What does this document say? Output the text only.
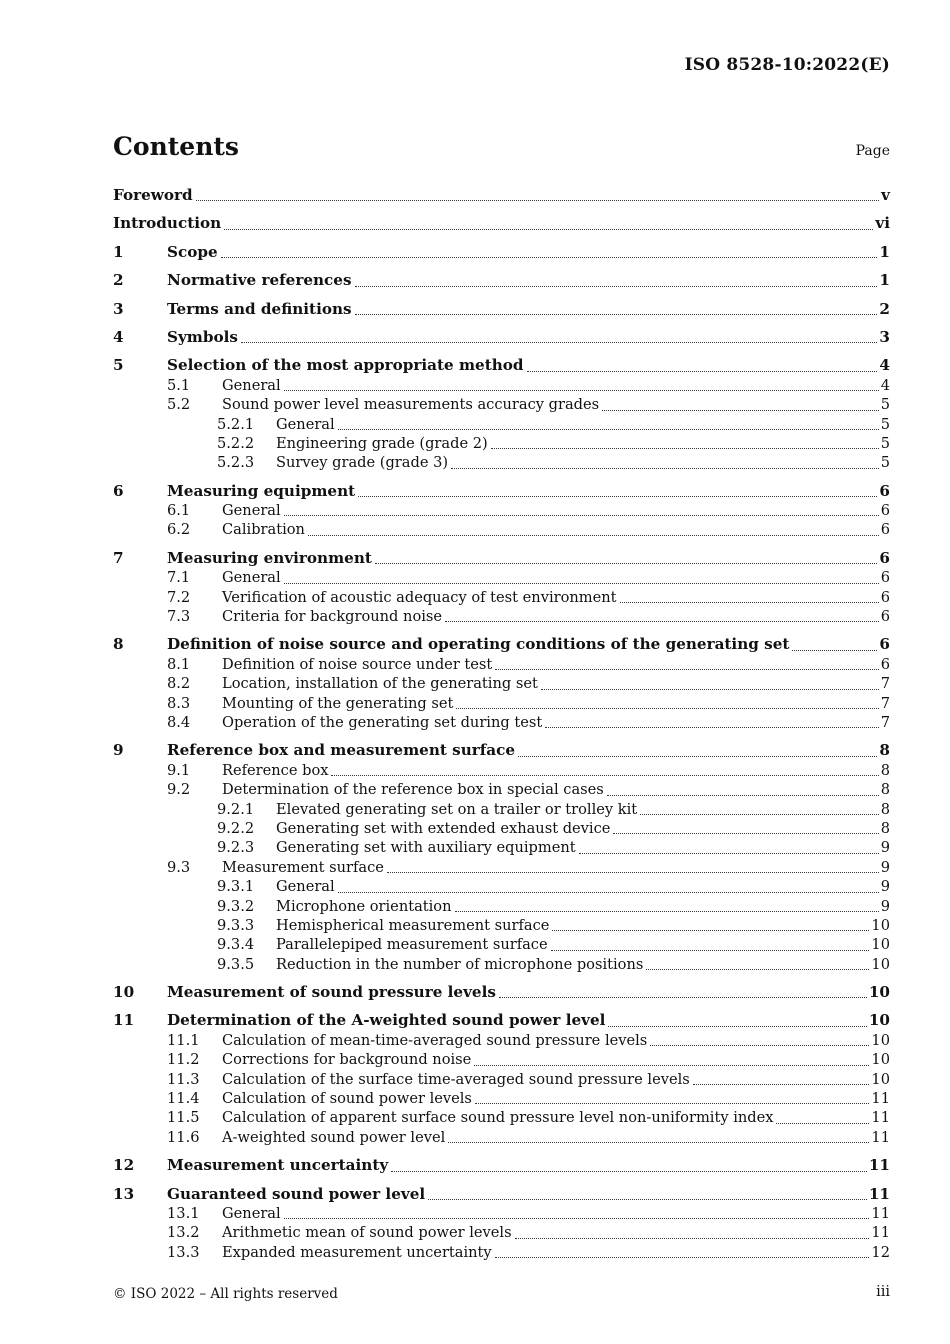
ISO 8528-10:2022(E)
Contents	Page
Foreword	v
Introduction	vi
1	Scope	1
2	Normative references	1
3	Terms and definitions	2
4	Symbols	3
5	Selection of the most appropriate method	4
5.1	General	4
5.2	Sound power level measurements accuracy grades	5
5.2.1	General	5
5.2.2	Engineering grade (grade 2)	5
5.2.3	Survey grade (grade 3)	5
6	Measuring equipment	6
6.1	General	6
6.2	Calibration	6
7	Measuring environment	6
7.1	General	6
7.2	Verification of acoustic adequacy of test environment	6
7.3	Criteria for background noise	6
8	Definition of noise source and operating conditions of the generating set	6
8.1	Definition of noise source under test	6
8.2	Location, installation of the generating set	7
8.3	Mounting of the generating set	7
8.4	Operation of the generating set during test	7
9	Reference box and measurement surface	8
9.1	Reference box	8
9.2	Determination of the reference box in special cases	8
9.2.1	Elevated generating set on a trailer or trolley kit	8
9.2.2	Generating set with extended exhaust device	8
9.2.3	Generating set with auxiliary equipment	9
9.3	Measurement surface	9
9.3.1	General	9
9.3.2	Microphone orientation	9
9.3.3	Hemispherical measurement surface	10
9.3.4	Parallelepiped measurement surface	10
9.3.5	Reduction in the number of microphone positions	10
10	Measurement of sound pressure levels	10
11	Determination of the A-weighted sound power level	10
11.1	Calculation of mean-time-averaged sound pressure levels	10
11.2	Corrections for background noise	10
11.3	Calculation of the surface time-averaged sound pressure levels	10
11.4	Calculation of sound power levels	11
11.5	Calculation of apparent surface sound pressure level non-uniformity index	11
11.6	A-weighted sound power level	11
12	Measurement uncertainty	11
13	Guaranteed sound power level	11
13.1	General	11
13.2	Arithmetic mean of sound power levels	11
13.3	Expanded measurement uncertainty	12
© ISO 2022 – All rights reserved	iii
